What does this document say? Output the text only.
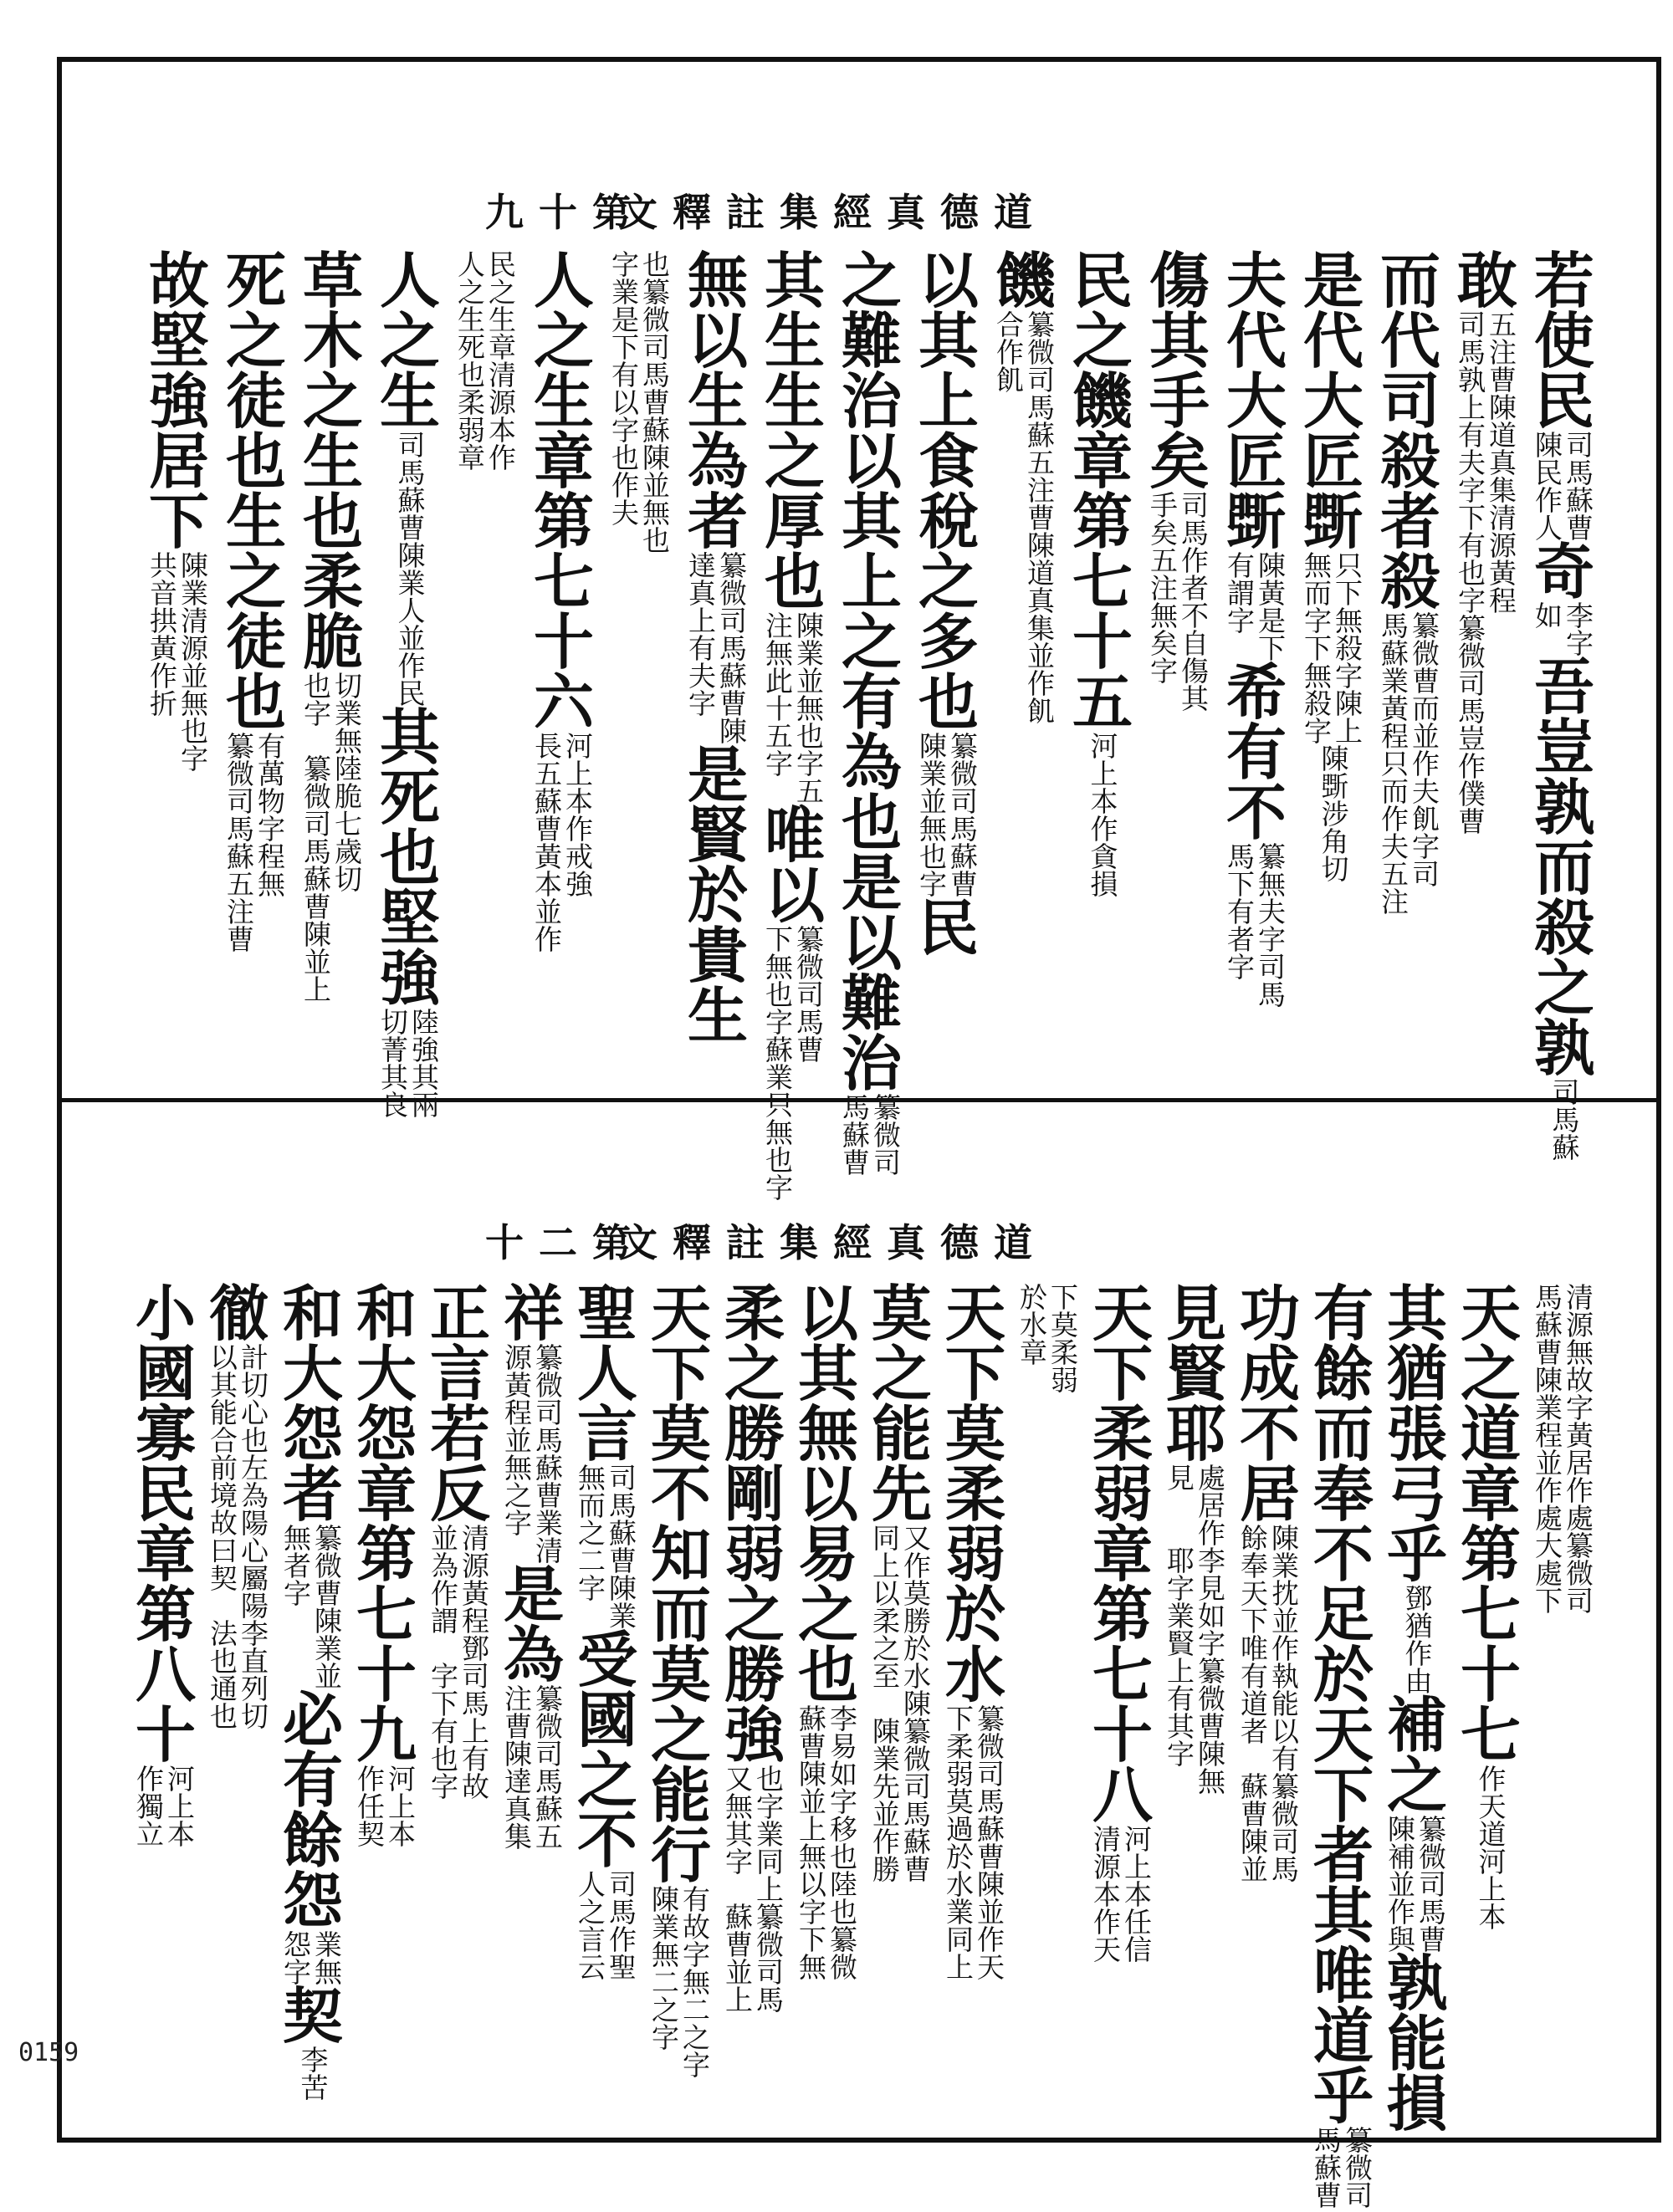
道德真經集註釋文
第十九
道德真經集註釋文
第二十
若
使
民
司
馬
蘇
曹
陳
民
作
人
奇
李
字
如
吾
豈
孰
而
殺
之
孰
司
馬
蘇
敢
五
注
曹
陳
道
真
集
清
源
黃
程
司
馬
孰
上
有
夫
字
下
有
也
字
纂
微
司
馬
豈
作
僕
曹
而
代
司
殺
者
殺
纂
微
曹
而
並
作
夫
飢
字
司
馬
蘇
業
黃
程
只
而
作
夫
五
注
是
代
大
匠
斲
只
下
無
殺
字
陳
上
無
而
字
下
無
殺
字
陳
斲
涉
角
切
夫
代
大
匠
斲
陳
黃
是
下
有
謂
字
希
有
不
纂
無
夫
字
司
馬
馬
下
有
者
字
傷
其
手
矣
司
馬
作
者
不
自
傷
其
手
矣
五
注
無
矣
字
民
之
饑
章
第
七
十
五
河
上
本
作
貪
損
饑
纂
微
司
馬
蘇
五
注
曹
陳
道
真
集
並
作
飢
合
作
飢
以
其
上
食
稅
之
多
也
纂
微
司
馬
蘇
曹
陳
業
並
無
也
字
民
之
難
治
以
其
上
之
有
為
也
是
以
難
治
纂
微
司
馬
蘇
曹
其
生
生
之
厚
也
陳
業
並
無
也
字
五
注
無
此
十
五
字
唯
以
纂
微
司
馬
曹
下
無
也
字
蘇
業
只
無
也
字
無
以
生
為
者
纂
微
司
馬
蘇
曹
陳
達
真
上
有
夫
字
是
賢
於
貴
生
也
纂
微
司
馬
曹
蘇
陳
並
無
也
字
業
是
下
有
以
字
也
作
夫
人
之
生
章
第
七
十
六
河
上
本
作
戒
強
長
五
蘇
曹
黃
本
並
作
民
之
生
章
清
源
本
作
人
之
生
死
也
柔
弱
章
人
之
生
司
馬
蘇
曹
陳
業
人
並
作
民
其
死
也
堅
強
陸
強
其
兩
切
菁
其
良
草
木
之
生
也
柔
脆
切
業
無
也
字
陸
脆
七
歲
切
纂
微
司
馬
蘇
曹
陳
並
上
死
之
徒
也
生
之
徒
也
有
萬
物
字
程
無
纂
微
司
馬
蘇
五
注
曹
故
堅
強
居
下
陳
業
清
源
並
無
也
字
共
音
拱
黃
作
折
清
源
無
故
字
黃
居
作
處
纂
微
司
馬
蘇
曹
陳
業
程
並
作
處
大
處
下
天
之
道
章
第
七
十
七
作
天
道
河
上
本
其
猶
張
弓
乎
鄧
猶
作
由
補
之
纂
微
司
馬
曹
陳
補
並
作
與
孰
能
損
有
餘
而
奉
不
足
於
天
下
者
其
唯
道
乎
纂
微
司
馬
蘇
曹
功
成
不
居
陳
業
抌
並
作
執
能
以
有
餘
奉
天
下
唯
有
道
者
纂
微
司
馬
蘇
曹
陳
並
見
賢
耶
處
居
作
見
李
見
如
字
纂
微
曹
陳
無
耶
字
業
賢
上
有
其
字
天
下
柔
弱
章
第
七
十
八
河
上
本
任
信
清
源
本
作
天
下
莫
柔
弱
於
水
章
天
下
莫
柔
弱
於
水
纂
微
司
馬
蘇
曹
陳
並
作
天
下
柔
弱
莫
過
於
水
業
同
上
莫
之
能
先
又
作
莫
勝
於
水
陳
同
上
以
柔
之
至
纂
微
司
馬
蘇
曹
陳
業
先
並
作
勝
以
其
無
以
易
之
也
李
易
如
字
移
也
陸
也
纂
微
蘇
曹
陳
並
上
無
以
字
下
無
柔
之
勝
剛
弱
之
勝
強
也
字
業
同
上
又
無
其
字
纂
微
司
馬
蘇
曹
並
上
天
下
莫
不
知
而
莫
之
能
行
有
故
字
無
二
之
字
陳
業
無
二
之
字
聖
人
言
司
馬
蘇
曹
陳
業
無
而
之
二
字
受
國
之
不
司
馬
作
聖
人
之
言
云
祥
纂
微
司
馬
蘇
曹
業
清
源
黃
程
並
無
之
字
是
為
纂
微
司
馬
蘇
五
注
曹
陳
達
真
集
正
言
若
反
清
源
黃
程
鄧
並
為
作
謂
司
馬
上
有
故
字
下
有
也
字
和
大
怨
章
第
七
十
九
河
上
本
作
任
契
和
大
怨
者
纂
微
曹
陳
業
並
無
者
字
必
有
餘
怨
業
無
怨
字
契
李
苦
徹
計
切
心
也
左
為
陽
心
屬
陽
以
其
能
合
前
境
故
曰
契
李
直
列
切
法
也
通
也
小
國
寡
民
章
第
八
十
河
上
本
作
獨
立
0159
